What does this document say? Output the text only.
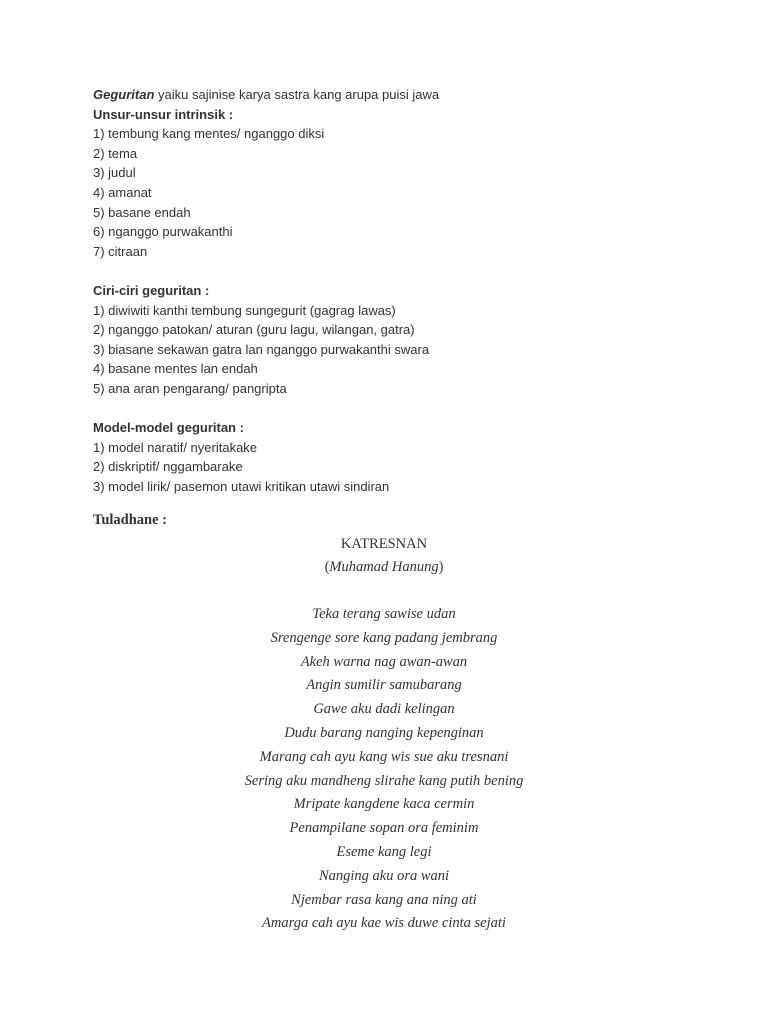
Geguritan yaiku sajinise karya sastra kang arupa puisi jawa
Unsur-unsur intrinsik :
1) tembung kang mentes/ nganggo diksi
2) tema
3) judul
4) amanat
5) basane endah
6) nganggo purwakanthi
7) citraan
Ciri-ciri geguritan :
1) diwiwiti kanthi tembung sungegurit (gagrag lawas)
2) nganggo patokan/ aturan (guru lagu, wilangan, gatra)
3) biasane sekawan gatra lan nganggo purwakanthi swara
4) basane mentes lan endah
5) ana aran pengarang/ pangripta
Model-model geguritan :
1) model naratif/ nyeritakake
2) diskriptif/ nggambarake
3) model lirik/ pasemon utawi kritikan utawi sindiran
Tuladhane :
KATRESNAN
(Muhamad Hanung)
Teka terang sawise udan
Srengenge sore kang padang jembrang
Akeh warna nag awan-awan
Angin sumilir samubarang
Gawe aku dadi kelingan
Dudu barang nanging kepenginan
Marang cah ayu kang wis sue aku tresnani
Sering aku mandheng slirahe kang putih bening
Mripate kangdene kaca cermin
Penampilane sopan ora feminim
Eseme kang legi
Nanging aku ora wani
Njembar rasa kang ana ning ati
Amarga cah ayu kae wis duwe cinta sejati
